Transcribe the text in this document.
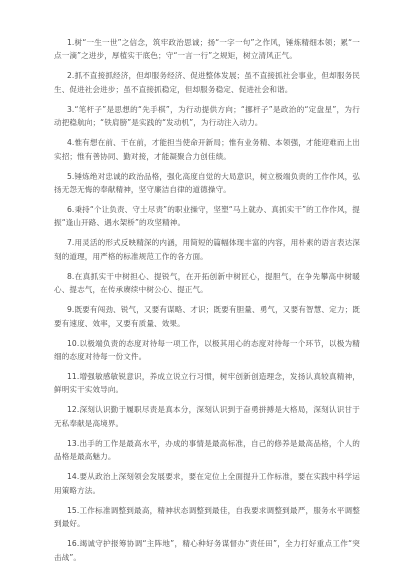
1.树“一生一世”之信念，筑牢政治思诚；扬“一字一句”之作风，锤炼精细本领；累“一点一滴”之进步，厚植实干底色；守“一言一行”之规矩，树立清风正气。

2.抓不直接抓经济，但却服务经济、促进整体发展；虽不直接抓社会事业，但却服务民生、促进社会进步；虽不直接抓稳定，但却服务稳定、促进社会和谐。

3.“笔杆子”是思想的“先手棋”，为行动提供方向；“挪杆子”是政治的“定盘星”，为行动把稳航向；“铁肩膀”是实践的“发动机”，为行动注入动力。

4.惟有想在前、干在前，才能担当使命开新局；惟有业务精、本领强，才能迎难而上出实招；惟有善协同、勤对接，才能凝聚合力创佳绩。

5.锤炼绝对忠诚的政治品格，强化高度自觉的大局意识，树立极端负责的工作作风，弘扬无怨无悔的奉献精神，坚守廉洁自律的道德操守。

6.秉持“个让负责、守土尽责”的职业操守，坚塑“马上就办、真抓实干”的工作作风，提振“逢山开路、遇水架桥”的攻坚精神。

7.用灵活的形式反映精深的内涵，用简短的篇幅体现丰富的内容，用朴素的语言表达深刻的道理，用严格的标准规范工作的各方面。

8.在真抓实干中树担心、提锐气，在开拓创新中树匠心，提胆气，在争先攀高中树暖心、提志气，在传承赓续中树公心、提正气。

9.既要有闯劲、锐气，又要有谋略、才识；既要有胆量、勇气，又要有智慧、定力；既要有速度、效率，又要有质量、效果。

10.以极端负责的态度对待每一项工作，以极其用心的态度对待每一个环节，以极为精细的态度对待每一份文件。

11.增强敏感敏锐意识，养成立说立行习惯，树牢创新创造理念，发扬认真较真精神，鲜明实干实效导向。

12.深刻认识勤于履职尽责是真本分，深刻认识到于奋勇拼搏是大格局，深刻认识甘于无私奉献是高境界。

13.出手的工作是最高水平，办成的事情是最高标准，自己的修养是最高品格，个人的品格是最高魅力。

14.要从政治上深刻领会发展要求，要在定位上全面提升工作标准，要在实践中科学运用策略方法。

15.工作标准调整到最高，精神状态调整到最佳，自我要求调整到最严，服务水平调整到最好。

16.竭诚守护报筹协调“主阵地”，精心种好务谋督办“责任田”，全力打好重点工作“突击战”。
